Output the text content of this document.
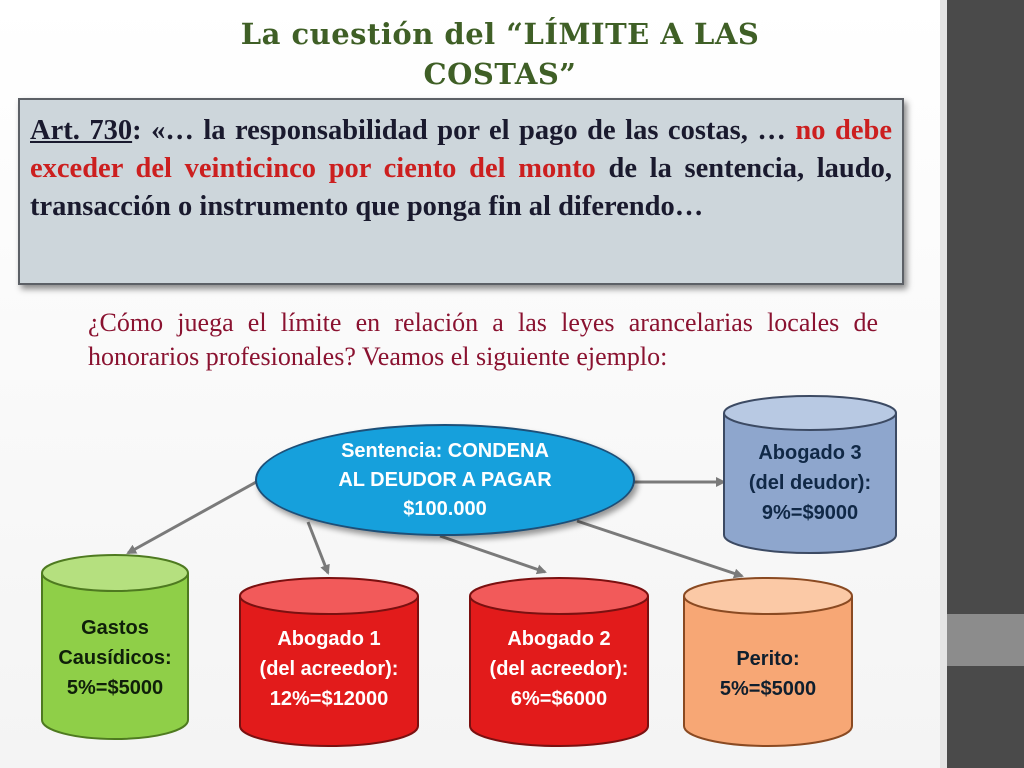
La cuestión del “LÍMITE A LAS
COSTAS”
Art. 730: «… la responsabilidad por el pago de las costas, … no debe exceder del veinticinco por ciento del monto de la sentencia, laudo, transacción o instrumento que ponga fin al diferendo…
¿Cómo juega el límite en relación a las leyes arancelarias locales de honorarios profesionales? Veamos el siguiente ejemplo:
Sentencia: CONDENA
AL DEUDOR A PAGAR
$100.000
Abogado 3
(del deudor):
9%=$9000
Gastos
Causídicos:
5%=$5000
Abogado 1
(del acreedor):
12%=$12000
Abogado 2
(del acreedor):
6%=$6000
Perito:
5%=$5000
